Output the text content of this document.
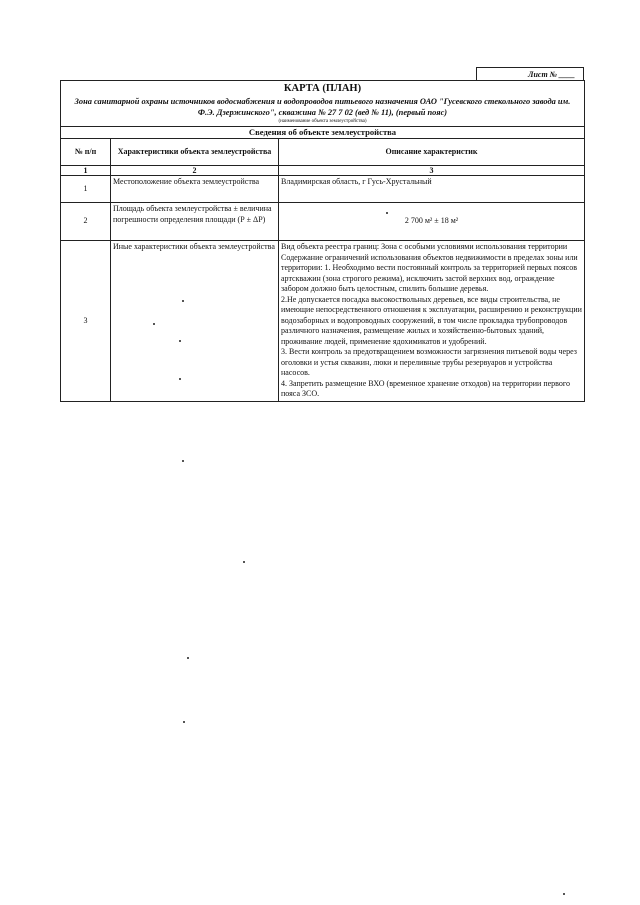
Лист № ____
КАРТА (ПЛАН)
Зона санитарной охраны источников водоснабжения и водопроводов питьевого назначения ОАО "Гусевского стекольного завода им. Ф.Э. Дзержинского", скважина № 27 7 02 (вед № 11), (первый пояс)
(наименование объекта землеустройства)
Сведения об объекте землеустройства
№ п/п	Характеристики объекта землеустройства	Описание характеристик
1	2	3
1	Местоположение объекта землеустройства	Владимирская область, г Гусь-Хрустальный
2	Площадь объекта землеустройства ± величина погрешности определения площади (Р ± ΔР)	2 700 м² ± 18 м²
3	Иные характеристики объекта землеустройства	Вид объекта реестра границ: Зона с особыми условиями использования территории
Содержание ограничений использования объектов недвижимости в пределах зоны или территории: 1. Необходимо вести постоянный контроль за территорией первых поясов артскважин (зона строгого режима), исключить застой верхних вод, ограждение забором должно быть целостным, спилить большие деревья.
2.Не допускается посадка высокоствольных деревьев, все виды строительства, не имеющие непосредственного отношения к эксплуатации, расширению и реконструкции водозаборных и водопроводных сооружений, в том числе прокладка трубопроводов различного назначения, размещение жилых и хозяйственно-бытовых зданий, проживание людей, применение ядохимикатов и удобрений.
3. Вести контроль за предотвращением возможности загрязнения питьевой воды через оголовки и устья скважин, люки и переливные трубы резервуаров и устройства насосов.
4. Запретить размещение ВХО (временное хранение отходов) на территории первого пояса ЗСО.
